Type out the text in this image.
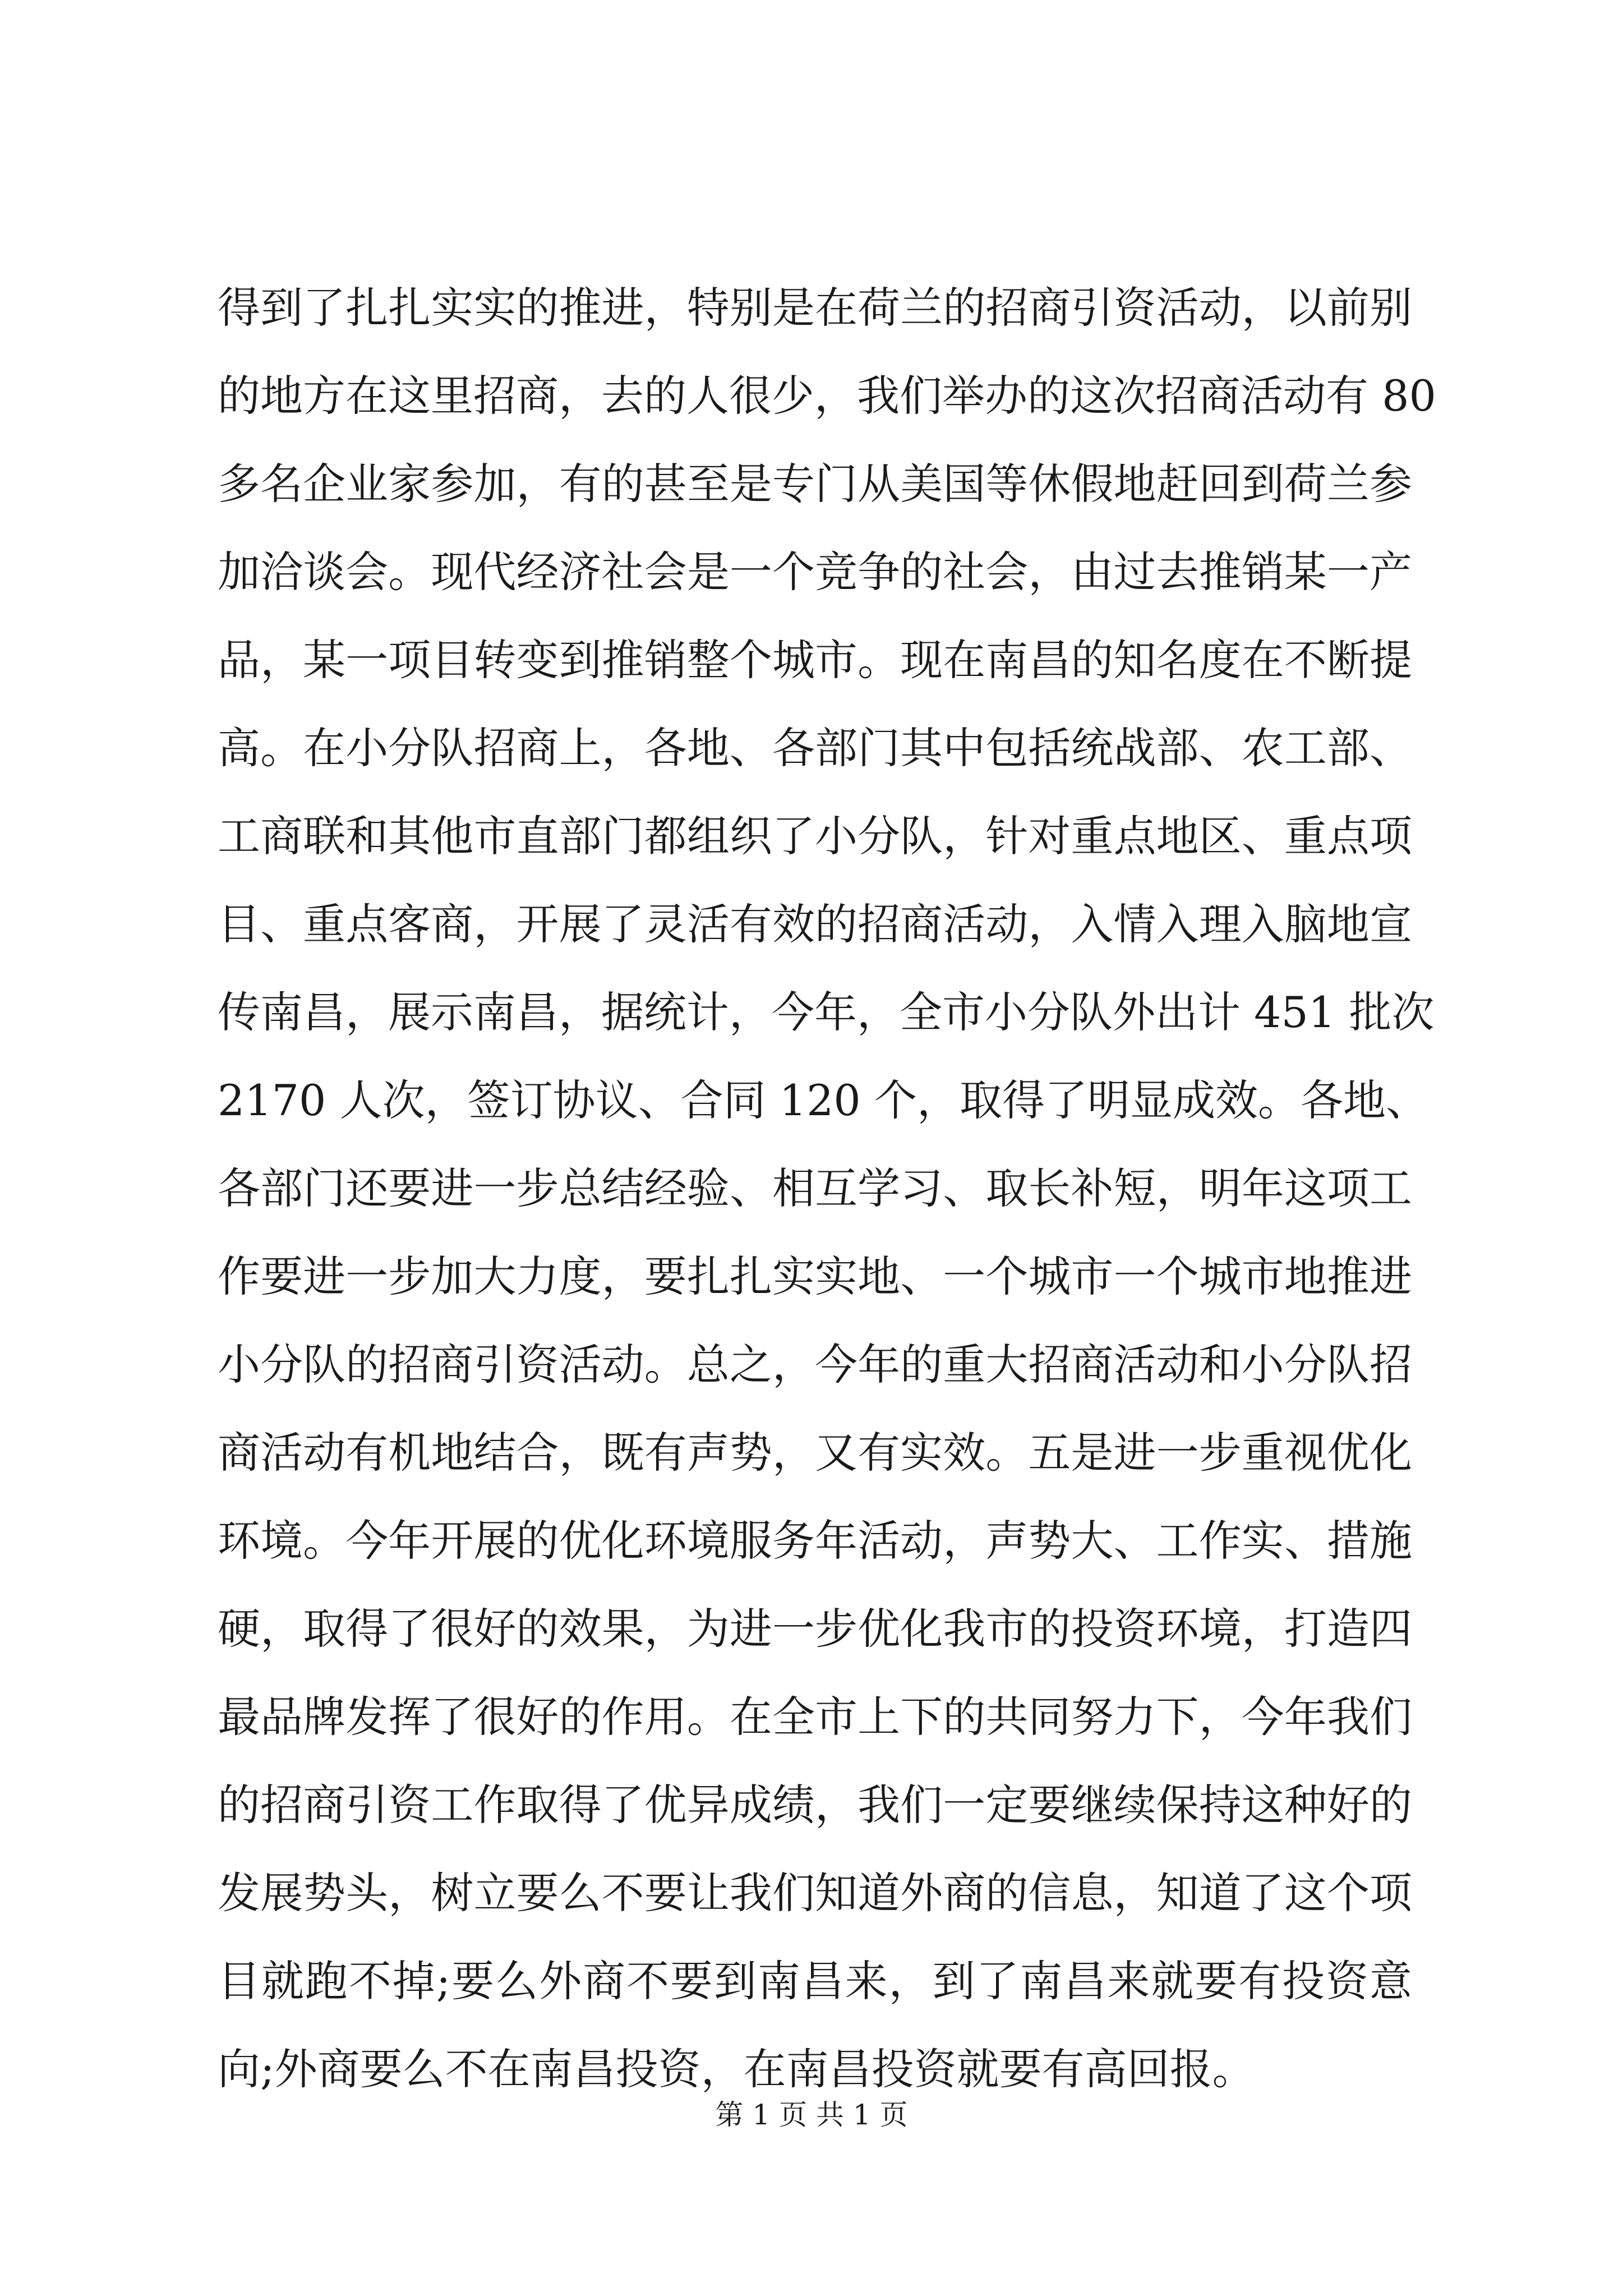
得到了扎扎实实的推进，特别是在荷兰的招商引资活动，以前别
的地方在这里招商，去的人很少，我们举办的这次招商活动有 80
多名企业家参加，有的甚至是专门从美国等休假地赶回到荷兰参
加洽谈会。现代经济社会是一个竞争的社会，由过去推销某一产
品，某一项目转变到推销整个城市。现在南昌的知名度在不断提
高。在小分队招商上，各地、各部门其中包括统战部、农工部、
工商联和其他市直部门都组织了小分队，针对重点地区、重点项
目、重点客商，开展了灵活有效的招商活动，入情入理入脑地宣
传南昌，展示南昌，据统计，今年，全市小分队外出计 451 批次
2170 人次，签订协议、合同 120 个，取得了明显成效。各地、
各部门还要进一步总结经验、相互学习、取长补短，明年这项工
作要进一步加大力度，要扎扎实实地、一个城市一个城市地推进
小分队的招商引资活动。总之，今年的重大招商活动和小分队招
商活动有机地结合，既有声势，又有实效。五是进一步重视优化
环境。今年开展的优化环境服务年活动，声势大、工作实、措施
硬，取得了很好的效果，为进一步优化我市的投资环境，打造四
最品牌发挥了很好的作用。在全市上下的共同努力下，今年我们
的招商引资工作取得了优异成绩，我们一定要继续保持这种好的
发展势头，树立要么不要让我们知道外商的信息，知道了这个项
目就跑不掉;要么外商不要到南昌来，到了南昌来就要有投资意
向;外商要么不在南昌投资，在南昌投资就要有高回报。
第 1 页 共 1 页
